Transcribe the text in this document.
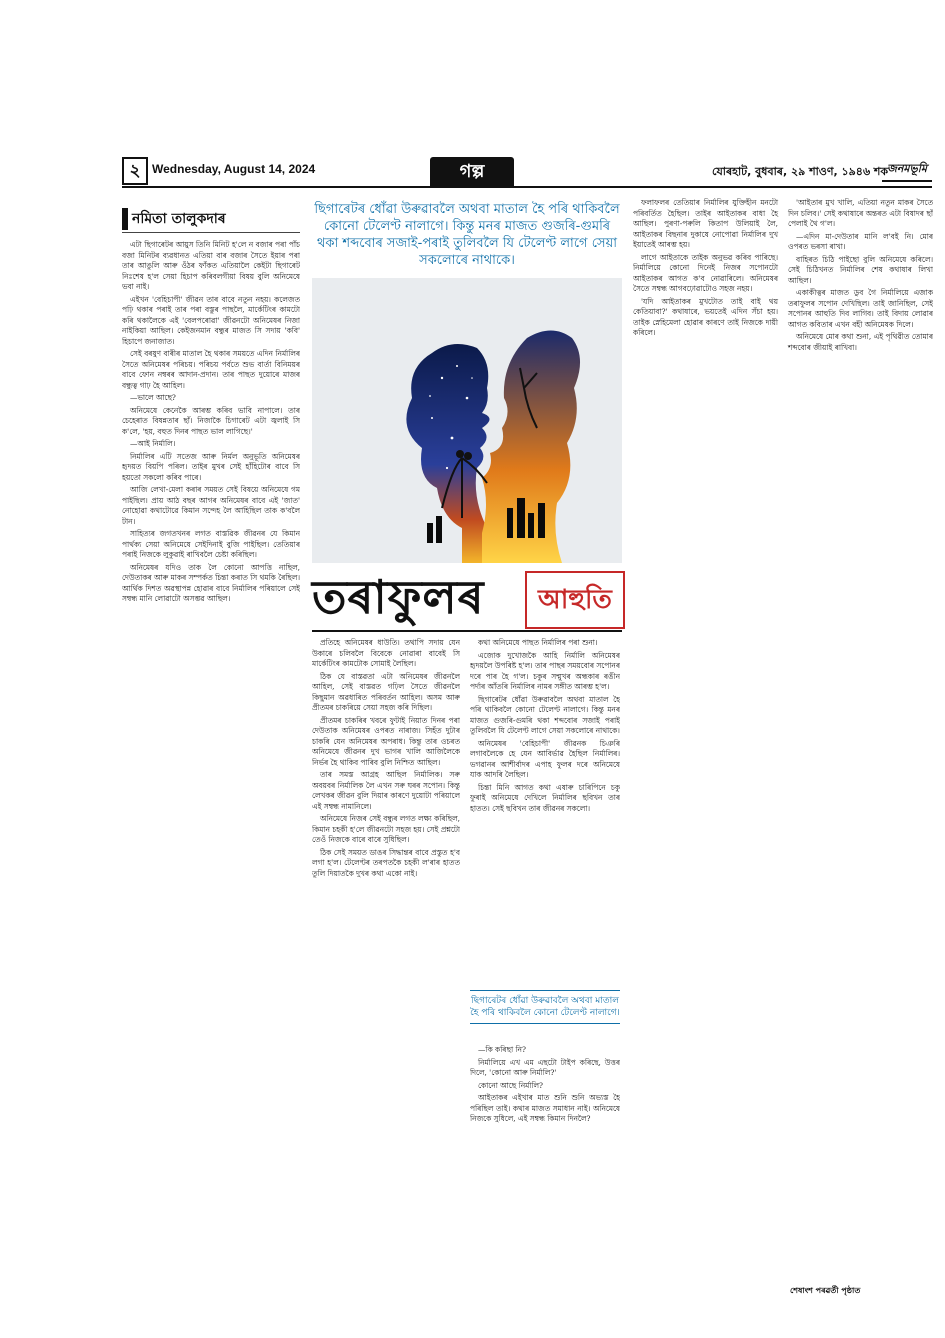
২ Wednesday, August 14, 2024	গল্প	যোৰহাট, বুধবাৰ, ২৯ শাওণ, ১৯৪৬ শক
জনমভূমি
নমিতা তালুকদাৰ
ছিগাৰেটৰ ধোঁৱা উৰুৱাবলৈ অথবা মাতাল হৈ পৰি থাকিবলৈ কোনো টেলেণ্ট নালাগে। কিন্তু মনৰ মাজত গুজৰি-গুমৰি থকা শব্দবোৰ সজাই-পৰাই তুলিবলৈ যি টেলেণ্ট লাগে সেয়া সকলোৰে নাথাকে।
তৰাফুলৰ	আহুতি

এটা ছিগাৰেটৰ আয়ুস তিনি মিনিট হ'লে ন বজাৰ পৰা পাঁচ বজা মিনিটৰ ব্যৱধানত এতিয়া বাৰ বজাৰ সৈতে ইয়াৰ পৰা তাৰ আঙুলি আৰু ওঁঠৰ ফাঁকত এতিয়ালৈ কেইটা ছিগাৰেট নিঃশেষ হ'ল সেয়া হিচাপ কৰিবলগীয়া বিষয় বুলি অনিমেষে ভবা নাই।

এইখন 'বেহিচাপী' জীৱন তাৰ বাবে নতুন নহয়। কলেজত পঢ়ি থকাৰ পৰাই তাৰ পৰা বস্তুৰ পাছলৈ, মাৰ্কেটিংৰ কামটো কৰি থকালৈকে এই 'বেলপৰোৱা' জীৱনটো অনিমেষৰ নিজা নাইকিয়া আছিল। কেইজনমান বন্ধুৰ মাজত সি সদায় 'কবি' হিচাপে জনাজাত।

সেই বৰষুণ বাৰীৰ মাতাল হৈ থকাৰ সময়তে এদিন নিৰ্মালিৰ সৈতে অনিমেষৰ পৰিচয়। পৰিচয় পৰ্বতে শুভ বাৰ্তা বিনিময়ৰ বাবে ফোন নম্বৰৰ আদান-প্ৰদান। তাৰ পাছত দুয়োৰে মাজৰ বন্ধুত্ব গাঢ় হৈ আহিল।

—ভালে আছে?

অনিমেষে কেনেকৈ আৰম্ভ কৰিব ভাবি নাপালে। তাৰ চেহেৰাত বিষন্নতাৰ ছাঁ। নিজাকৈ চিগাৰেট এটা জ্বলাই সি ক'লে, 'হয়, বহুত দিনৰ পাছত ভাল লাগিছে।'

—আই নিৰ্মালি।

নিৰ্মালিৰ এটি সতেজ আৰু নিৰ্মল অনুভূতি অনিমেষৰ হৃদয়ত বিয়পি পৰিল। তাইৰ মুখৰ সেই হাঁহিটোৰ বাবে সি হয়তো সকলো কৰিব পাৰে।

আজি লেখা-মেলা কৰাৰ সময়ত সেই বিষয়ে অনিমেষে গম পাইছিল। প্ৰায় আঠ বছৰ আগৰ অনিমেষৰ বাবে এই 'জাত' নোহোৱা কথাটোৱে কিমান সন্দেহ লৈ আহিছিল তাক ক'বলৈ টান।

সাহিত্যৰ জগতখনৰ লগত বাস্তৱিক জীৱনৰ যে কিমান পাৰ্থক্য সেয়া অনিমেষে সেইদিনাই বুজি পাইছিল। তেতিয়াৰ পৰাই নিজকে লুকুৱাই ৰাখিবলৈ চেষ্টা কৰিছিল।

অনিমেষৰ যদিও তাক লৈ কোনো আপত্তি নাছিল, দেউতাকৰ আৰু মাকৰ সম্পৰ্কত চিন্তা কৰাত সি থমকি ৰৈছিল। আৰ্থিক দিশত অৱস্থাপন্ন হোৱাৰ বাবে নিৰ্মালিৰ পৰিয়ালে সেই সম্বন্ধ মানি লোৱাটো অসম্ভৱ আছিল।

প্ৰতিহে অনিমেষৰ ধাউতি। তথাপি সদায় যেন উকাৰে চলিবলৈ বিবেকে নোৱাৰা বাবেই সি মাৰ্কেটিংৰ কামটোক সোমাই লৈছিল।

ঠিক যে বাস্তৱতা এটা অনিমেষৰ জীৱনলৈ আহিল, সেই বাস্তৱত গঢ়িল সৈতে জীৱনলৈ কিছুমান অৱধাৰিত পৰিবৰ্তন আহিল। অসম আৰু প্ৰীতমৰ চাকৰিয়ে সেয়া সহজ কৰি দিছিল।

প্ৰীতমৰ চাকৰিৰ খবৰে ফুটাই নিয়াত দিনৰ পৰা দেউতাক অনিমেষৰ ওপৰত নাৰাজ। সিহঁত দুটাৰ চাকৰি যেন অনিমেষৰ অপৰাধ। কিন্তু তাৰ ওচৰত অনিমেষে জীৱনৰ দুখ ভাগৰ খালি আজিলৈকে নিৰ্ভৰ হৈ থাকিব পাৰিব বুলি নিশ্চিত আছিল।

তাৰ সমস্ত আগ্ৰহ আছিল নিৰ্মালিক। সৰু অবয়বৰ নিৰ্মালিক লৈ এখন সৰু ঘৰৰ সপোন। কিন্তু লেখকৰ জীৱন বুলি দিয়াৰ কাৰণে দুয়োটা পৰিয়ালে এই সম্বন্ধ নামানিলে।

অনিমেষে নিজৰ সেই বন্ধুৰ লগত লক্ষ্য কৰিছিল, কিমান চহকী হ'লে জীৱনটো সহজ হয়। সেই প্ৰশ্নটো তেওঁ নিজকে বাৰে বাৰে সুধিছিল।

ঠিক সেই সময়ত ডাঙৰ সিদ্ধান্তৰ বাবে প্ৰস্তুত হ'ব লগা হ'ল। টেলেণ্টৰ তৰপতকৈ চহকী ল'ৰাৰ হাতত তুলি দিয়াতকৈ দুখৰ কথা একো নাই।

কথা অনিমেষে পাছত নিৰ্মালিৰ পৰা শুনা।

এজোক দুখোজকৈ আহি নিৰ্মালি অনিমেষৰ হৃদয়লৈ উপৰিষ্ট হ'ল। তাৰ পাছৰ সময়বোৰ সপোনৰ দৰে পাৰ হৈ গ'ল। চকুৰ সন্মুখৰ অন্ধকাৰ ৰঙীন পৰ্দাৰ আঁতৰি নিৰ্মালিৰ নামৰ সঙ্গীত আৰম্ভ হ'ল।

ছিগাৰেটৰ ধোঁৱা উৰুৱাবলৈ অথবা মাতাল হৈ পৰি থাকিবলৈ কোনো টেলেণ্ট নালাগে। কিন্তু মনৰ মাজত গুজৰি-গুমৰি থকা শব্দবোৰ সজাই পৰাই তুলিবলৈ যি টেলেণ্ট লাগে সেয়া সকলোৰে নাথাকে।

অনিমেষৰ 'বেহিচাপী' জীৱনক চিঞৰি লগাবলৈকে হে যেন আবিৰ্ভাৱ হৈছিল নিৰ্মালিৰ। ভগৱানৰ আশীৰ্বাদৰ এপাহ ফুলৰ দৰে অনিমেষে যাক আদৰি লৈছিল।

চিন্তা মিনি আগত কথা এষাৰু চাৰিপিনে চকু ফুৰাই অনিমেষে দেখিলে নিৰ্মালিৰ ছবিখন তাৰ হাতত। সেই ছবিখন তাৰ জীৱনৰ সকলো।

ছিগাৰেটৰ ধোঁৱা উৰুৱাবলৈ অথবা মাতাল হৈ পৰি থাকিবলৈ কোনো টেলেণ্ট নালাগে।

—কি কৰিছা নি?

নিৰ্মালিয়ে এখ এম এছটো টাইপ কৰিছে, উত্তৰ দিলে, 'কোনো আৰু নিৰ্মালি?'

কোনো আছে নিৰ্মালি?

আইতাকৰ এইখাৰ মাত শুনি শুনি অভ্যস্ত হৈ পৰিছিল তাই। কথাৰ মাজত সমাধান নাই। অনিমেষে নিজকে সুধিলে, এই সম্বন্ধ কিমান দিনলৈ?

ফলাফলৰ তেতিয়াৰ নিৰ্মালিৰ যুক্তিহীন মনটো পৰিবৰ্তিত হৈছিল। তাইৰ আইতাকৰ বাধা হৈ আছিল। পুৰণা-পৰুলি কিতাপ উলিয়াই লৈ, আইতাকৰ বিছনাৰ দুকাষে নোপোৱা নিৰ্মালিৰ দুখ ইয়াতেই আৰম্ভ হয়।

লাগে আইতাকে তাইক অনুভৱ কৰিব পাৰিছে। নিৰ্মালিয়ে কোনো দিনেই নিজৰ সপোনটো আইতাকৰ আগত ক'ব নোৱাৰিলে। অনিমেষৰ সৈতে সম্বন্ধ আগবঢ়োৱাটোও সহজ নহয়।

'যদি আইতাকৰ মুখটোত তাই বাই থয় কেতিয়াবা?' কথাষাৰে, ভয়তেই এদিন সঁচা হয়। তাইক স্নেহিমেলা হোৱাৰ কাৰণে তাই নিজকে দায়ী কৰিলে।

'আইতাৰ মুখ খালি, এতিয়া নতুন মাকৰ সৈতে দিন চলিব।' সেই কথাষাৰে অন্তৰত এটা বিষাদৰ ছাঁ পেলাই থৈ গ'ল।

—এদিন মা-দেউতাৰ মানি ল'বই নি। মোৰ ওপৰত ভৰসা ৰাখা।

বাহিৰত চিঠি পাইছো বুলি অনিমেষে কৰিলে। সেই চিঠিখনত নিৰ্মালিৰ শেষ কথাষাৰ লিখা আছিল।

একাকীত্বৰ মাজত ডুব গৈ নিৰ্মালিয়ে এজাক তৰাফুলৰ সপোন দেখিছিল। তাই জানিছিল, সেই সপোনৰ আহুতি দিব লাগিব। তাই বিদায় লোৱাৰ আগত কবিতাৰ এখন বহী অনিমেষক দিলে।

অনিমেষে মোৰ কথা শুনা, এই পৃথিৱীত তোমাৰ শব্দবোৰ জীয়াই ৰাখিবা।

শেষাংশ পৰৱৰ্তী পৃষ্ঠাত
